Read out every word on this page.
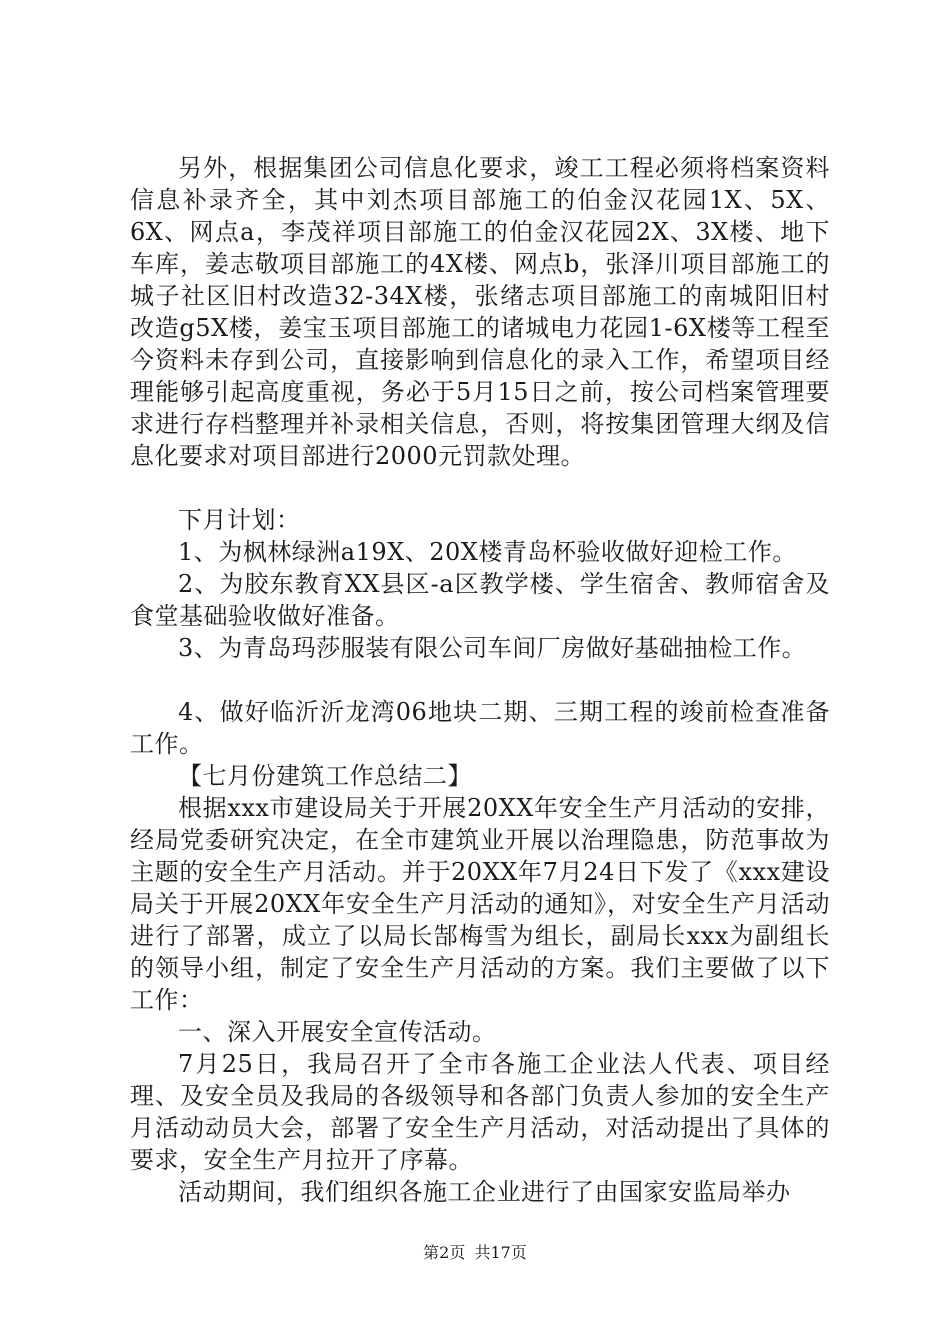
另外，根据集团公司信息化要求，竣工工程必须将档案资料信息补录齐全，其中刘杰项目部施工的伯金汉花园1X、5X、6X、网点a，李茂祥项目部施工的伯金汉花园2X、3X楼、地下车库，姜志敬项目部施工的4X楼、网点b，张泽川项目部施工的城子社区旧村改造32-34X楼，张绪志项目部施工的南城阳旧村改造g5X楼，姜宝玉项目部施工的诸城电力花园1-6X楼等工程至今资料未存到公司，直接影响到信息化的录入工作，希望项目经理能够引起高度重视，务必于5月15日之前，按公司档案管理要求进行存档整理并补录相关信息，否则，将按集团管理大纲及信息化要求对项目部进行2000元罚款处理。

下月计划：

1、为枫林绿洲a19X、20X楼青岛杯验收做好迎检工作。

2、为胶东教育XX县区-a区教学楼、学生宿舍、教师宿舍及食堂基础验收做好准备。

3、为青岛玛莎服装有限公司车间厂房做好基础抽检工作。

4、做好临沂沂龙湾06地块二期、三期工程的竣前检查准备工作。

【七月份建筑工作总结二】

根据xxx市建设局关于开展20XX年安全生产月活动的安排，经局党委研究决定，在全市建筑业开展以治理隐患，防范事故为主题的安全生产月活动。并于20XX年7月24日下发了《xxx建设局关于开展20XX年安全生产月活动的通知》，对安全生产月活动进行了部署，成立了以局长郜梅雪为组长，副局长xxx为副组长的领导小组，制定了安全生产月活动的方案。我们主要做了以下工作：

一、深入开展安全宣传活动。

7月25日，我局召开了全市各施工企业法人代表、项目经理、及安全员及我局的各级领导和各部门负责人参加的安全生产月活动动员大会，部署了安全生产月活动，对活动提出了具体的要求，安全生产月拉开了序幕。

活动期间，我们组织各施工企业进行了由国家安监局举办

第2页 共17页
